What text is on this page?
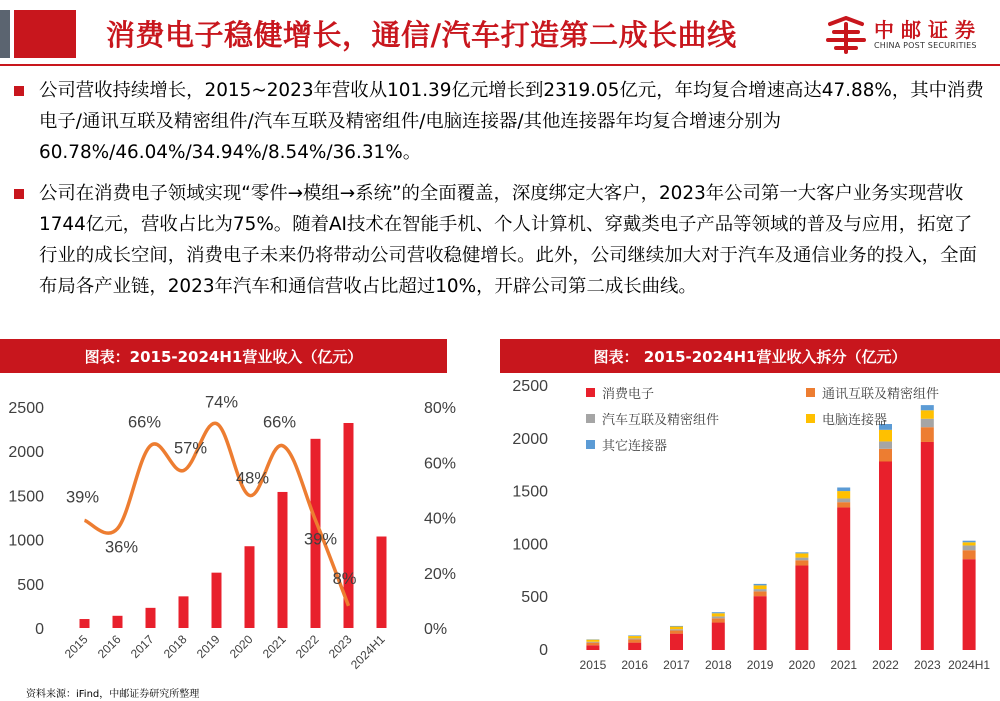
消费电子稳健增长，通信/汽车打造第二成长曲线	中邮证券
CHINA POST SECURITIES
公司营收持续增长，2015~2023年营收从101.39亿元增长到2319.05亿元，年均复合增速高达47.88%，其中消费电子/通讯互联及精密组件/汽车互联及精密组件/电脑连接器/其他连接器年均复合增速分别为60.78%/46.04%/34.94%/8.54%/36.31%。
公司在消费电子领域实现“零件→模组→系统”的全面覆盖，深度绑定大客户，2023年公司第一大客户业务实现营收1744亿元，营收占比为75%。随着AI技术在智能手机、个人计算机、穿戴类电子产品等领域的普及与应用，拓宽了行业的成长空间，消费电子未来仍将带动公司营收稳健增长。此外，公司继续加大对于汽车及通信业务的投入，全面布局各产业链，2023年汽车和通信营收占比超过10%，开辟公司第二成长曲线。
图表：2015-2024H1营业收入（亿元）	图表： 2015-2024H1营业收入拆分（亿元）
0
500
1000
1500
2000
2500
0%
20%
40%
60%
80%
2015 2016 2017 2018 2019 2020 2021 2022 2023
2024H1
39%
36%
66%
57%
74%
48%
66%
39%
8%
0
500
1000
1500
2000
2500
2015 2016 2017 2018 2019 2020 2021 2022 2023 2024H1
消费电子	通讯互联及精密组件
汽车互联及精密组件	电脑连接器
其它连接器
资料来源：iFind，中邮证券研究所整理
